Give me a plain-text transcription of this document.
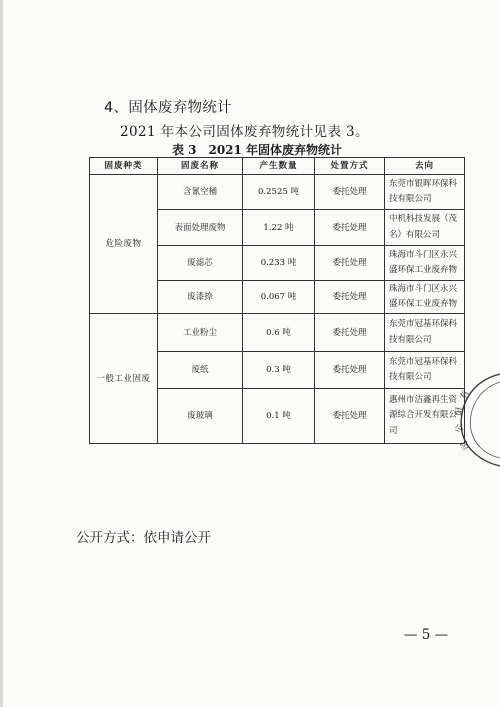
4、固体废弃物统计
2021 年本公司固体废弃物统计见表 3。
表 3　2021 年固体废弃物统计
固废种类	固废名称	产生数量	处置方式	去向
危险废物	含氰空桶	0.2525 吨	委托处理	东莞市银晖环保科技有限公司
	表面处理废物	1.22 吨	委托处理	中机科技发展（茂名）有限公司
	废滤芯	0.233 吨	委托处理	珠海市斗门区永兴盛环保工业废弃物
	废漆捺	0.067 吨	委托处理	珠海市斗门区永兴盛环保工业废弃物
一般工业固废	工业粉尘	0.6 吨	委托处理	东莞市冠基环保科技有限公司
	废纸	0.3 吨	委托处理	东莞市冠基环保科技有限公司
	废玻璃	0.1 吨	委托处理	惠州市洁鑫再生资源综合开发有限公司
公开方式：依申请公开
— 5 —
有
限
公
司
